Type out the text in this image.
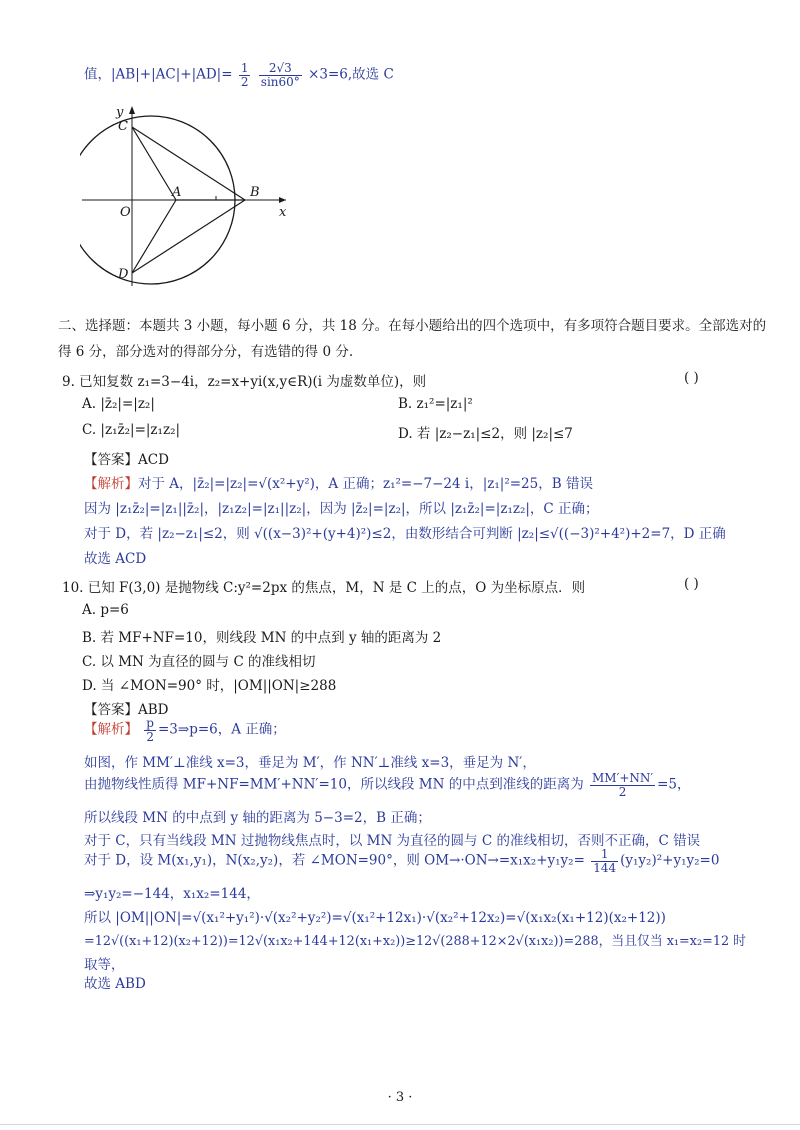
值，$|AB|+|AC|+|AD|= \frac{1}{2}$
$\frac{2√3}{\sin 60^\circ} \times 3=6$,故选 C
y
C
A	B
O	x
D
二、选择题：本题共 3 小题，每小题 6 分，共 18 分。在每小题给出的四个选项中，有多项符合题目要求。全部选对的
得 6 分，部分选对的得部分分，有选错的得 0 分.
9. 已知复数 z₁=3−4i，z₂=x+yi(x,y∈R)(i 为虚数单位)，则	( )
A. |z̄₂|=|z₂|	B. z₁²=|z₁|²
C. |z₁z̄₂|=|z₁z₂|	D. 若 |z₂−z₁|≤2，则 |z₂|≤7
【答案】ACD
【解析】对于 A，|z̄₂|=|z₂|=√(x²+y²)，A 正确；z₁²=−7−24 i，|z₁|²=25，B 错误
因为 |z₁z̄₂|=|z₁||z̄₂|，|z₁z₂|=|z₁||z₂|，因为 |z̄₂|=|z₂|，所以 |z₁z̄₂|=|z₁z₂|，C 正确；
对于 D，若 |z₂−z₁|≤2，则 √((x−3)²+(y+4)²)≤2，由数形结合可判断 |z₂|≤√((−3)²+4²)+2=7，D 正确
故选 ACD
10. 已知 F(3,0) 是抛物线 C:y²=2px 的焦点，M，N 是 C 上的点，O 为坐标原点．则	( )
A. p=6
B. 若 MF+NF=10，则线段 MN 的中点到 y 轴的距离为 2
C. 以 MN 为直径的圆与 C 的准线相切
D. 当 ∠MON=90° 时，|OM||ON|≥288
【答案】ABD
【解析】 $\frac{p}{2}$ =3⇒p=6，A 正确；
如图，作 MM′⊥准线 x=3，垂足为 M′，作 NN′⊥准线 x=3，垂足为 N′，
由抛物线性质得 MF+NF=MM′+NN′=10，所以线段 MN 的中点到准线的距离为 $\frac{MM'+NN'}{2} =5$，
所以线段 MN 的中点到 y 轴的距离为 5−3=2，B 正确；
对于 C，只有当线段 MN 过抛物线焦点时，以 MN 为直径的圆与 C 的准线相切，否则不正确，C 错误
对于 D，设 M(x₁,y₁)，N(x₂,y₂)，若 ∠MON=90°，则 $OM\to\cdot ON\to=x_1x_2+y_1y_2= \frac{1}{144} (y_1y_2)^2+y_1y_2=0$
⇒y₁y₂=−144，x₁x₂=144，
所以 |OM||ON|=√(x₁²+y₁²)·√(x₂²+y₂²)=√(x₁²+12x₁)·√(x₂²+12x₂)=√(x₁x₂(x₁+12)(x₂+12))
=12√((x₁+12)(x₂+12))=12√(x₁x₂+144+12(x₁+x₂))≥12√(288+12×2√(x₁x₂))=288，当且仅当 x₁=x₂=12 时
取等，
故选 ABD
· 3 ·
